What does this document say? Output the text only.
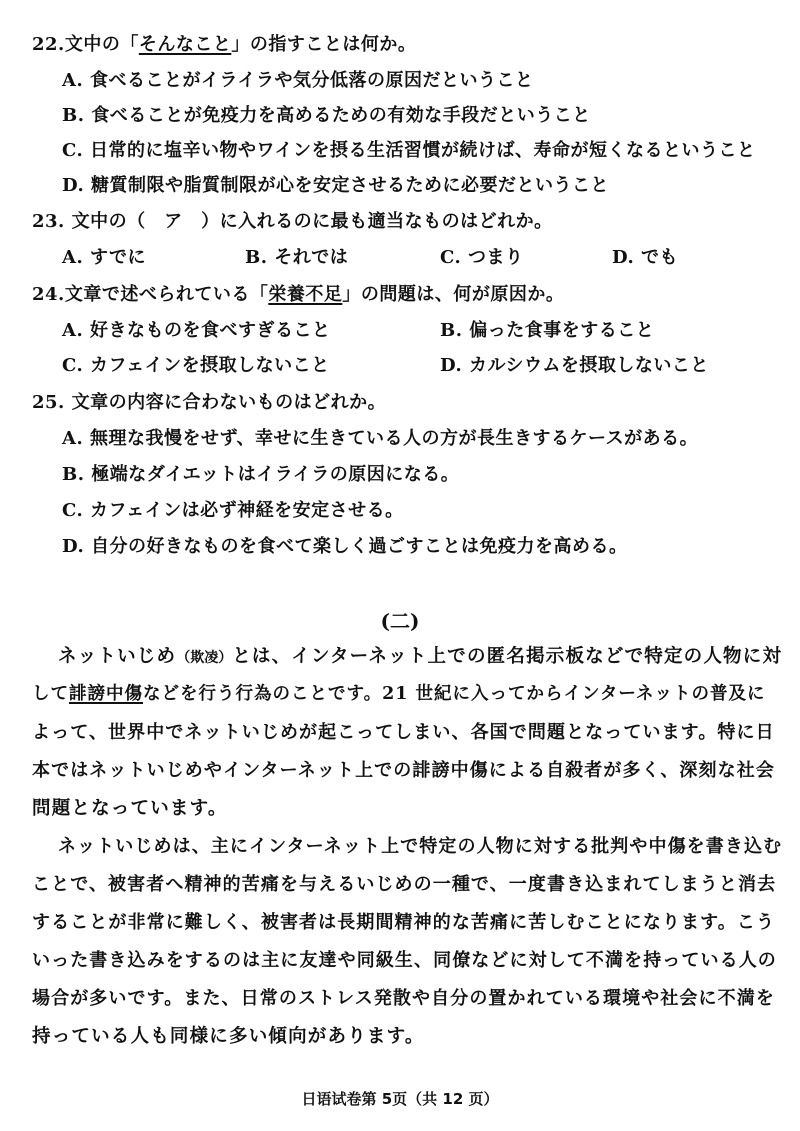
22.文中の「そんなこと」の指すことは何か。
A. 食べることがイライラや気分低落の原因だということ
B. 食べることが免疫力を高めるための有効な手段だということ
C. 日常的に塩辛い物やワインを摂る生活習慣が続けば、寿命が短くなるということ
D. 糖質制限や脂質制限が心を安定させるために必要だということ
23. 文中の（　ア　）に入れるのに最も適当なものはどれか。
A. すでに	B. それでは	C. つまり	D. でも
24.文章で述べられている「栄養不足」の問題は、何が原因か。
A. 好きなものを食べすぎること	B. 偏った食事をすること
C. カフェインを摂取しないこと	D. カルシウムを摂取しないこと
25. 文章の内容に合わないものはどれか。
A. 無理な我慢をせず、幸せに生きている人の方が長生きするケースがある。
B. 極端なダイエットはイライラの原因になる。
C. カフェインは必ず神経を安定させる。
D. 自分の好きなものを食べて楽しく過ごすことは免疫力を高める。
(二)
ネットいじめ（欺凌）とは、インターネット上での匿名掲示板などで特定の人物に対
して誹謗中傷などを行う行為のことです。21 世紀に入ってからインターネットの普及に
よって、世界中でネットいじめが起こってしまい、各国で問題となっています。特に日
本ではネットいじめやインターネット上での誹謗中傷による自殺者が多く、深刻な社会
問題となっています。
ネットいじめは、主にインターネット上で特定の人物に対する批判や中傷を書き込む
ことで、被害者へ精神的苦痛を与えるいじめの一種で、一度書き込まれてしまうと消去
することが非常に難しく、被害者は長期間精神的な苦痛に苦しむことになります。こう
いった書き込みをするのは主に友達や同級生、同僚などに対して不満を持っている人の
場合が多いです。また、日常のストレス発散や自分の置かれている環境や社会に不満を
持っている人も同様に多い傾向があります。
日语试卷第 5页（共 12 页）
